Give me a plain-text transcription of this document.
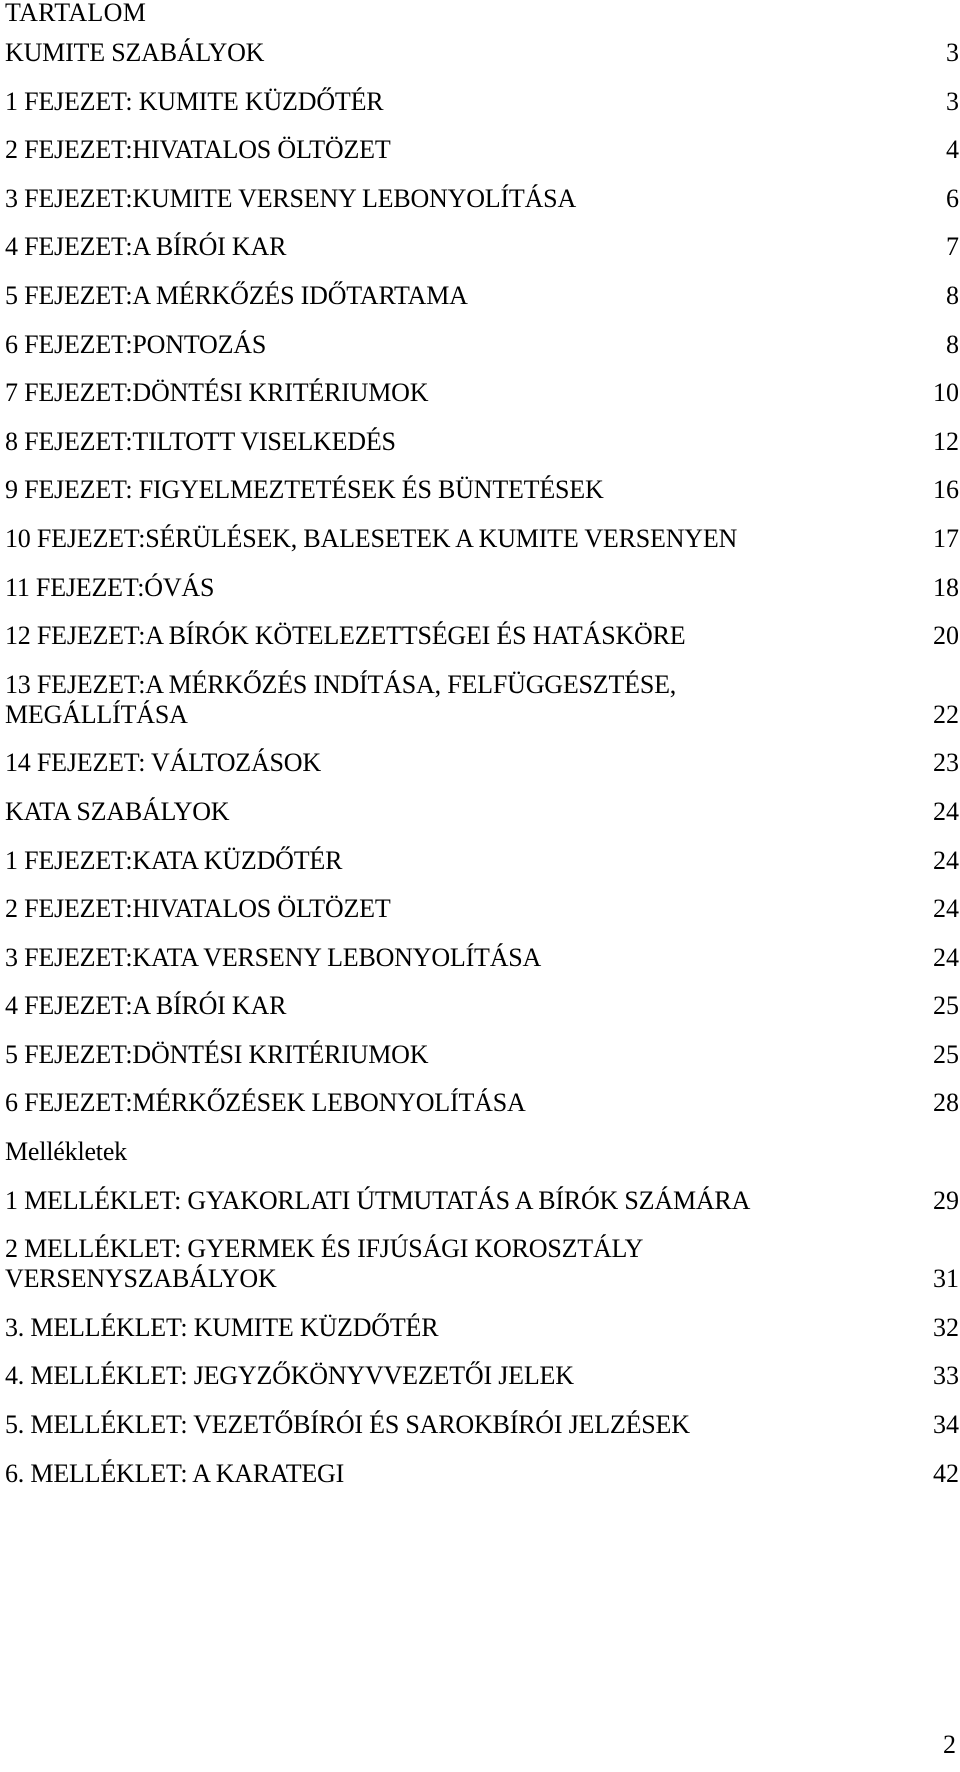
TARTALOM
KUMITE SZABÁLYOK	3
1 FEJEZET: KUMITE KÜZDŐTÉR	3
2 FEJEZET:HIVATALOS ÖLTÖZET	4
3 FEJEZET:KUMITE VERSENY LEBONYOLÍTÁSA	6
4 FEJEZET:A BÍRÓI KAR	7
5 FEJEZET:A MÉRKŐZÉS IDŐTARTAMA	8
6 FEJEZET:PONTOZÁS	8
7 FEJEZET:DÖNTÉSI KRITÉRIUMOK	10
8 FEJEZET:TILTOTT VISELKEDÉS	12
9 FEJEZET: FIGYELMEZTETÉSEK ÉS BÜNTETÉSEK	16
10 FEJEZET:SÉRÜLÉSEK, BALESETEK A KUMITE VERSENYEN	17
11 FEJEZET:ÓVÁS	18
12 FEJEZET:A BÍRÓK KÖTELEZETTSÉGEI ÉS HATÁSKÖRE	20
13 FEJEZET:A MÉRKŐZÉS INDÍTÁSA, FELFÜGGESZTÉSE, MEGÁLLÍTÁSA	22
14 FEJEZET: VÁLTOZÁSOK	23
KATA SZABÁLYOK	24
1 FEJEZET:KATA KÜZDŐTÉR	24
2 FEJEZET:HIVATALOS ÖLTÖZET	24
3 FEJEZET:KATA VERSENY LEBONYOLÍTÁSA	24
4 FEJEZET:A BÍRÓI KAR	25
5 FEJEZET:DÖNTÉSI KRITÉRIUMOK	25
6 FEJEZET:MÉRKŐZÉSEK LEBONYOLÍTÁSA	28
Mellékletek
1 MELLÉKLET: GYAKORLATI ÚTMUTATÁS A BÍRÓK SZÁMÁRA	29
2 MELLÉKLET: GYERMEK ÉS IFJÚSÁGI KOROSZTÁLY VERSENYSZABÁLYOK	31
3. MELLÉKLET: KUMITE KÜZDŐTÉR	32
4. MELLÉKLET: JEGYZŐKÖNYVVEZETŐI JELEK	33
5. MELLÉKLET: VEZETŐBÍRÓI ÉS SAROKBÍRÓI JELZÉSEK	34
6. MELLÉKLET: A KARATEGI	42
2
